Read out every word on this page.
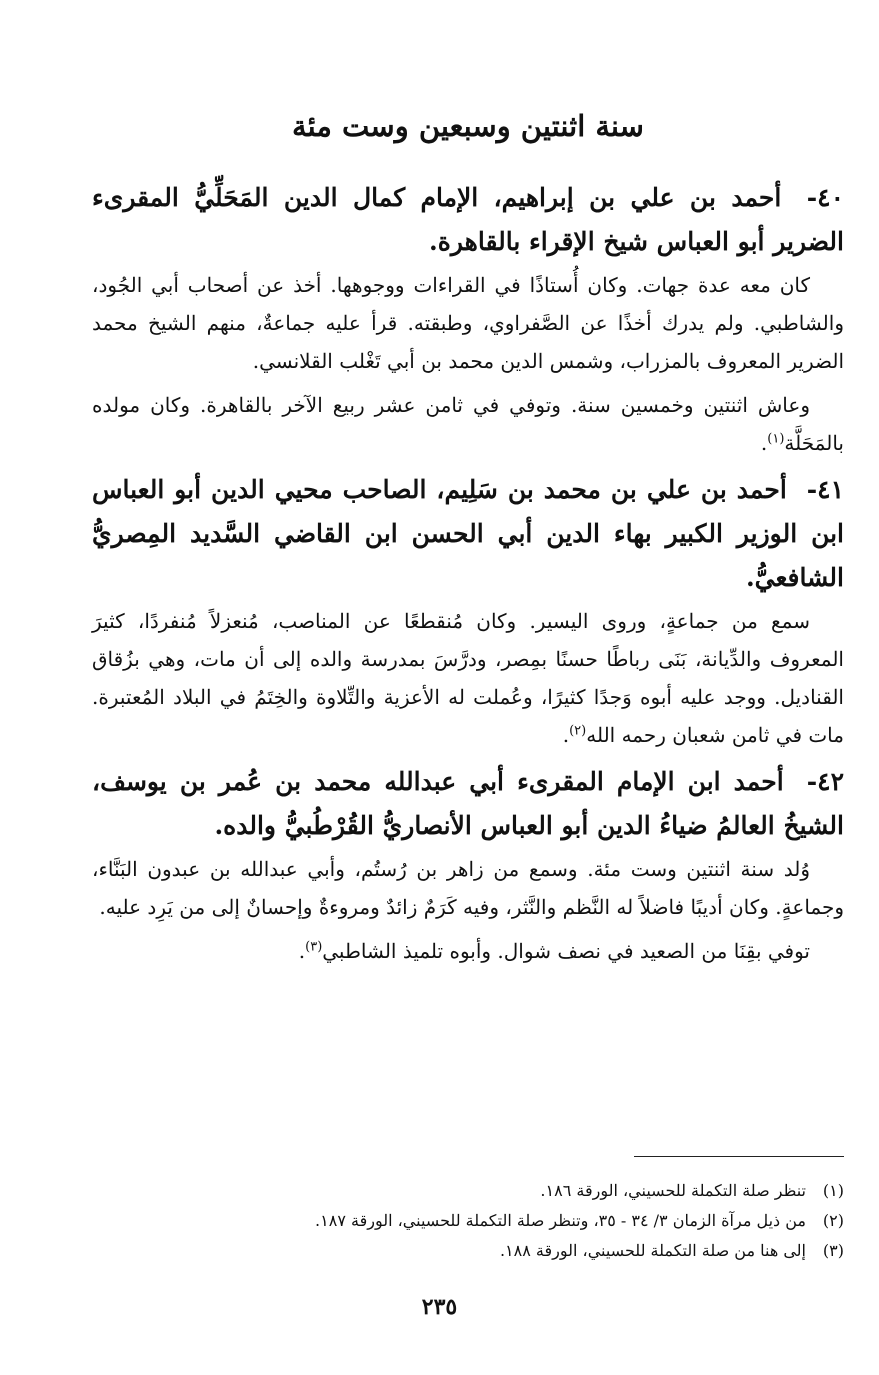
سنة اثنتين وسبعين وست مئة

٤٠- أحمد بن علي بن إبراهيم، الإمام كمال الدين المَحَلِّيُّ المقرىء الضرير أبو العباس شيخ الإقراء بالقاهرة.

كان معه عدة جهات. وكان أُستاذًا في القراءات ووجوهها. أخذ عن أصحاب أبي الجُود، والشاطبي. ولم يدرك أخذًا عن الصَّفراوي، وطبقته. قرأ عليه جماعةٌ، منهم الشيخ محمد الضرير المعروف بالمزراب، وشمس الدين محمد بن أبي تَغْلب القلانسي.

وعاش اثنتين وخمسين سنة. وتوفي في ثامن عشر ربيع الآخر بالقاهرة. وكان مولده بالمَحَلَّة$^{(١)}$.

٤١- أحمد بن علي بن محمد بن سَلِيم، الصاحب محيي الدين أبو العباس ابن الوزير الكبير بهاء الدين أبي الحسن ابن القاضي السَّديد المِصريُّ الشافعيُّ.

سمع من جماعةٍ، وروى اليسير. وكان مُنقطعًا عن المناصب، مُنعزلاً مُنفردًا، كثيرَ المعروف والدِّيانة، بَنَى رباطًا حسنًا بمِصر، ودرَّسَ بمدرسة والده إلى أن مات، وهي بزُقاق القناديل. ووجد عليه أبوه وَجدًا كثيرًا، وعُملت له الأعزية والتِّلاوة والخِتَمُ في البلاد المُعتبرة. مات في ثامن شعبان رحمه الله$^{(٢)}$.

٤٢- أحمد ابن الإمام المقرىء أبي عبدالله محمد بن عُمر بن يوسف، الشيخُ العالمُ ضياءُ الدين أبو العباس الأنصاريُّ القُرْطُبيُّ والده.

وُلد سنة اثنتين وست مئة. وسمع من زاهر بن رُستُم، وأبي عبدالله بن عبدون البَنَّاء، وجماعةٍ. وكان أديبًا فاضلاً له النَّظم والنَّثر، وفيه كَرَمٌ زائدٌ ومروءةٌ وإحسانٌ إلى من يَرِد عليه.

توفي بقِنَا من الصعيد في نصف شوال. وأبوه تلميذ الشاطبي$^{(٣)}$.

(١)تنظر صلة التكملة للحسيني، الورقة ١٨٦.

(٢)من ذيل مرآة الزمان ٣/ ٣٤ - ٣٥، وتنظر صلة التكملة للحسيني، الورقة ١٨٧.

(٣)إلى هنا من صلة التكملة للحسيني، الورقة ١٨٨.

٢٣٥
